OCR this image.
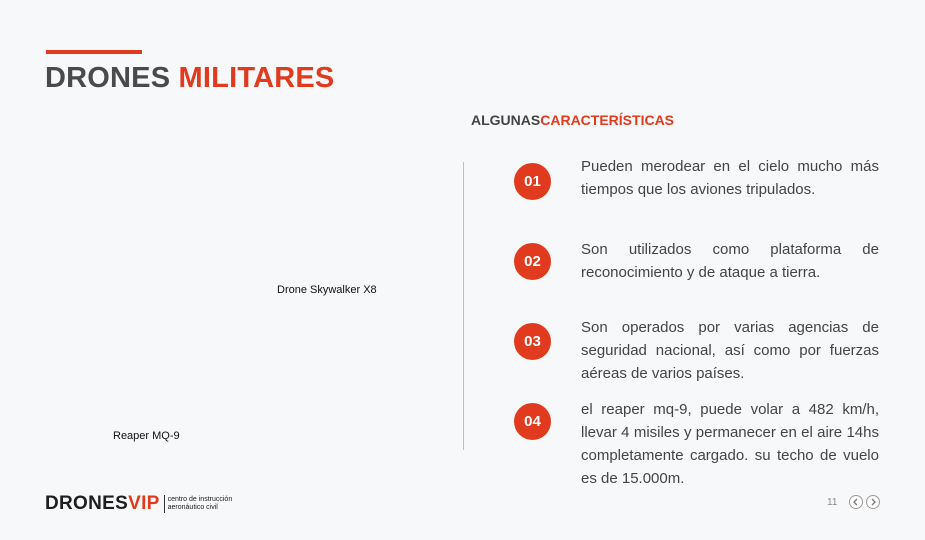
DRONES MILITARES
ALGUNASCARACTERÍSTICAS
Drone Skywalker X8
Reaper MQ-9
01
Pueden merodear en el cielo mucho más tiempos que los aviones tripulados.
02
Son utilizados como plataforma de reconocimiento y de ataque a tierra.
03
Son operados por varias agencias de seguridad nacional, así como por fuerzas aéreas de varios países.
04
el reaper mq-9, puede volar a 482 km/h, llevar 4 misiles y permanecer en el aire 14hs completamente cargado. su techo de vuelo es de 15.000m.
DRONESVIP centro de instrucción
aeronáutico civil	11
